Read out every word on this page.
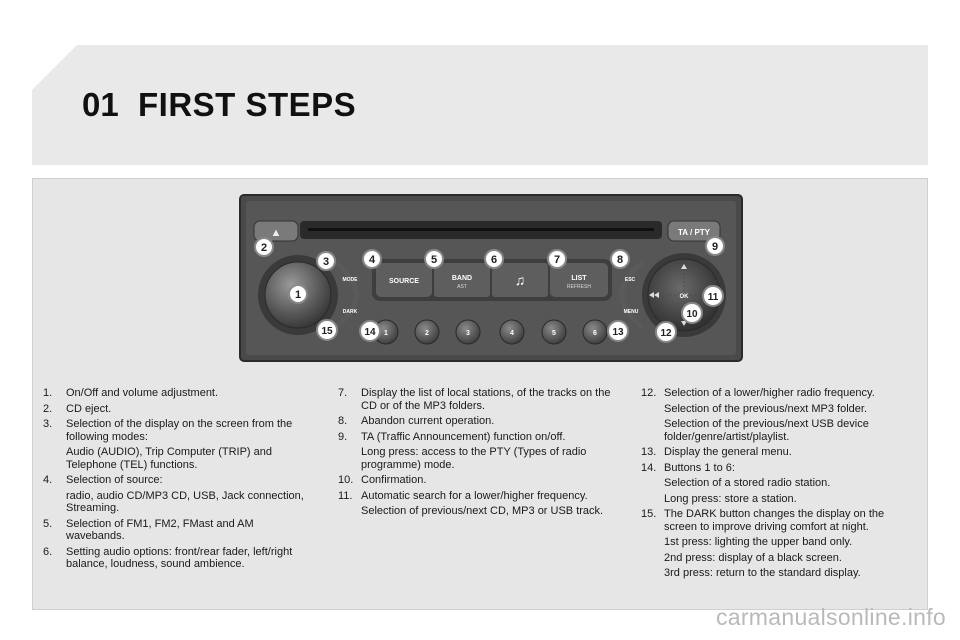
01 FIRST STEPS
▲	TA / PTY
MODE
DARK
SOURCE	BAND
AST	♫	LIST
REFRESH
ESC
MENU
OK
1	2	3	4	5	6
1
2
3	4	5	6	7	8
9
10
11
12
13
14
15
1.	On/Off and volume adjustment.
2.	CD eject.
3.	Selection of the display on the screen from the following modes:
Audio (AUDIO), Trip Computer (TRIP) and Telephone (TEL) functions.
4.	Selection of source:
radio, audio CD/MP3 CD, USB, Jack connection, Streaming.
5.	Selection of FM1, FM2, FMast and AM wavebands.
6.	Setting audio options: front/rear fader, left/right balance, loudness, sound ambience.
7.	Display the list of local stations, of the tracks on the CD or of the MP3 folders.
8.	Abandon current operation.
9.	TA (Traffic Announcement) function on/off.
Long press: access to the PTY (Types of radio programme) mode.
10. Confirmation.
11. Automatic search for a lower/higher frequency.
Selection of previous/next CD, MP3 or USB track.
12. Selection of a lower/higher radio frequency.
Selection of the previous/next MP3 folder.
Selection of the previous/next USB device folder/genre/artist/playlist.
13. Display the general menu.
14. Buttons 1 to 6:
Selection of a stored radio station.
Long press: store a station.
15. The DARK button changes the display on the screen to improve driving comfort at night.
1st press: lighting the upper band only.
2nd press: display of a black screen.
3rd press: return to the standard display.
carmanualsonline.info
